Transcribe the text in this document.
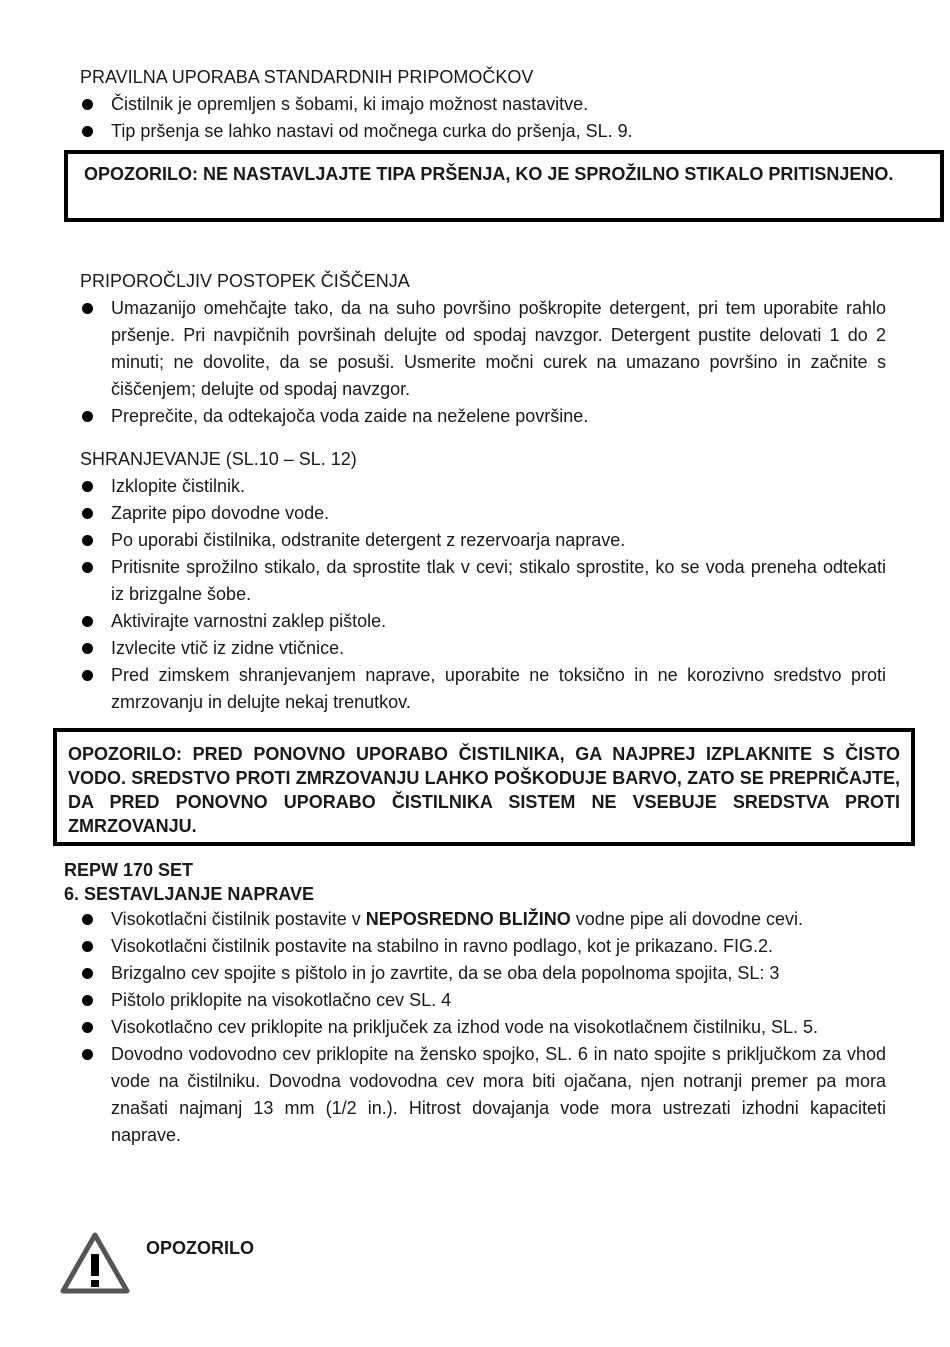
PRAVILNA UPORABA STANDARDNIH PRIPOMOČKOV
Čistilnik je opremljen s šobami, ki imajo možnost nastavitve.
Tip pršenja se lahko nastavi od močnega curka do pršenja, SL. 9.
OPOZORILO: NE NASTAVLJAJTE TIPA PRŠENJA, KO JE SPROŽILNO STIKALO PRITISNJENO.
PRIPOROČLJIV POSTOPEK ČIŠČENJA
Umazanijo omehčajte tako, da na suho površino poškropite detergent, pri tem uporabite rahlo pršenje. Pri navpičnih površinah delujte od spodaj navzgor. Detergent pustite delovati 1 do 2 minuti; ne dovolite, da se posuši. Usmerite močni curek na umazano površino in začnite s čiščenjem; delujte od spodaj navzgor.
Preprečite, da odtekajoča voda zaide na neželene površine.
SHRANJEVANJE (SL.10 – SL. 12)
Izklopite čistilnik.
Zaprite pipo dovodne vode.
Po uporabi čistilnika, odstranite detergent z rezervoarja naprave.
Pritisnite sprožilno stikalo, da sprostite tlak v cevi; stikalo sprostite, ko se voda preneha odtekati iz brizgalne šobe.
Aktivirajte varnostni zaklep pištole.
Izvlecite vtič iz zidne vtičnice.
Pred zimskem shranjevanjem naprave, uporabite ne toksično in ne korozivno sredstvo proti zmrzovanju in delujte nekaj trenutkov.
OPOZORILO: PRED PONOVNO UPORABO ČISTILNIKA, GA NAJPREJ IZPLAKNITE S ČISTO VODO. SREDSTVO PROTI ZMRZOVANJU LAHKO POŠKODUJE BARVO, ZATO SE PREPRIČAJTE, DA PRED PONOVNO UPORABO ČISTILNIKA SISTEM NE VSEBUJE SREDSTVA PROTI ZMRZOVANJU.
REPW 170 SET
6. SESTAVLJANJE NAPRAVE
Visokotlačni čistilnik postavite v NEPOSREDNO BLIŽINO vodne pipe ali dovodne cevi.
Visokotlačni čistilnik postavite na stabilno in ravno podlago, kot je prikazano. FIG.2.
Brizgalno cev spojite s pištolo in jo zavrtite, da se oba dela popolnoma spojita, SL: 3
Pištolo priklopite na visokotlačno cev SL. 4
Visokotlačno cev priklopite na priključek za izhod vode na visokotlačnem čistilniku, SL. 5.
Dovodno vodovodno cev priklopite na žensko spojko, SL. 6 in nato spojite s priključkom za vhod vode na čistilniku. Dovodna vodovodna cev mora biti ojačana, njen notranji premer pa mora znašati najmanj 13 mm (1/2 in.). Hitrost dovajanja vode mora ustrezati izhodni kapaciteti naprave.
OPOZORILO
